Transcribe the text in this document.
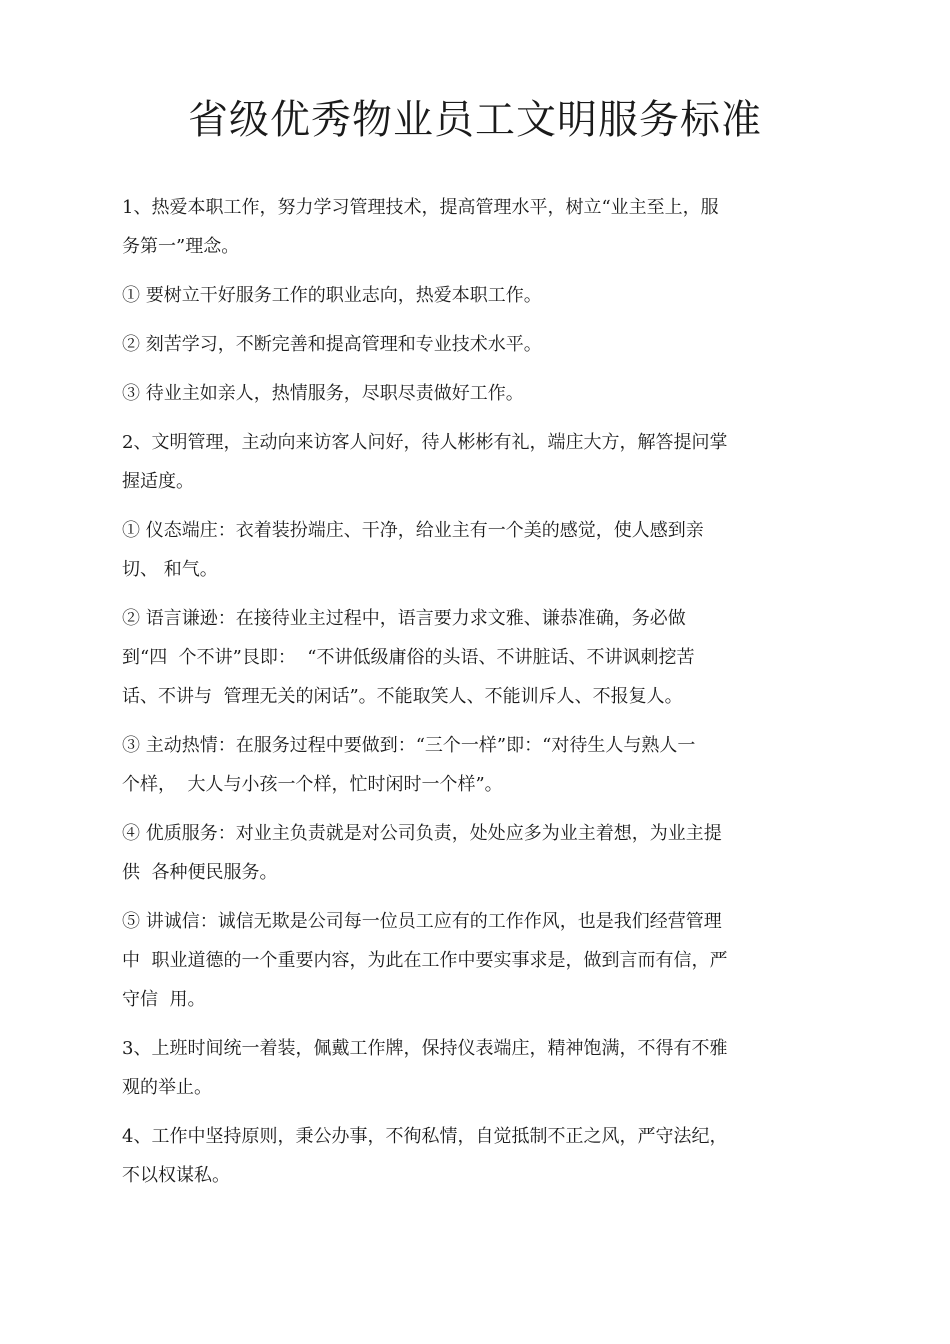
省级优秀物业员工文明服务标准

1、热爱本职工作，努力学习管理技术，提高管理水平，树立“业主至上，服
务第一”理念。

① 要树立干好服务工作的职业志向，热爱本职工作。

② 刻苦学习，不断完善和提高管理和专业技术水平。

③ 待业主如亲人，热情服务，尽职尽责做好工作。

2、文明管理，主动向来访客人问好，待人彬彬有礼，端庄大方，解答提问掌
握适度。

① 仪态端庄：衣着装扮端庄、干净，给业主有一个美的感觉，使人感到亲
切、 和气。

② 语言谦逊：在接待业主过程中，语言要力求文雅、谦恭准确，务必做
到“四  个不讲”艮即：  “不讲低级庸俗的头语、不讲脏话、不讲讽刺挖苦
话、不讲与  管理无关的闲话”。不能取笑人、不能训斥人、不报复人。

③ 主动热情：在服务过程中要做到：“三个一样”即：“对待生人与熟人一
个样，  大人与小孩一个样，忙时闲时一个样”。

④ 优质服务：对业主负责就是对公司负责，处处应多为业主着想，为业主提
供  各种便民服务。

⑤ 讲诚信：诚信无欺是公司每一位员工应有的工作作风，也是我们经营管理
中  职业道德的一个重要内容，为此在工作中要实事求是，做到言而有信，严
守信  用。

3、上班时间统一着装，佩戴工作牌，保持仪表端庄，精神饱满，不得有不雅
观的举止。

4、工作中坚持原则，秉公办事，不徇私情，自觉抵制不正之风，严守法纪，
不以权谋私。
